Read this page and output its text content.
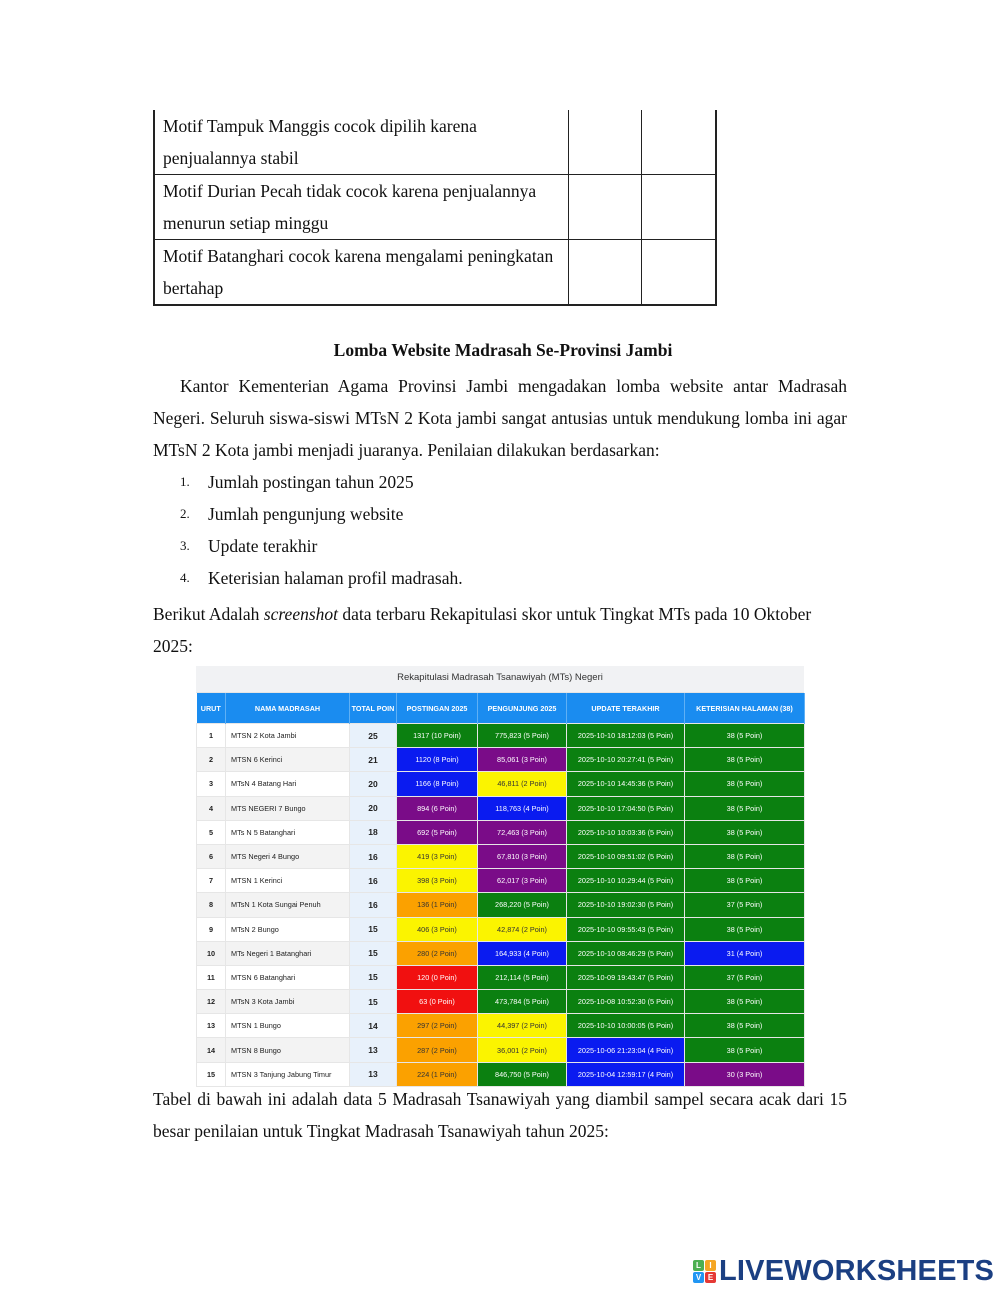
Motif Tampuk Manggis cocok dipilih karena penjualannya stabil		
Motif Durian Pecah tidak cocok karena penjualannya menurun setiap minggu		
Motif Batanghari cocok karena mengalami peningkatan bertahap		
Lomba Website Madrasah Se-Provinsi Jambi
Kantor Kementerian Agama Provinsi Jambi mengadakan lomba website antar Madrasah Negeri. Seluruh siswa-siswi MTsN 2 Kota jambi sangat antusias untuk mendukung lomba ini agar MTsN 2 Kota jambi menjadi juaranya. Penilaian dilakukan berdasarkan:
1.	Jumlah postingan tahun 2025
2.	Jumlah pengunjung website
3.	Update terakhir
4.	Keterisian halaman profil madrasah.
Berikut Adalah screenshot data terbaru Rekapitulasi skor untuk Tingkat MTs pada 10 Oktober 2025:
Rekapitulasi Madrasah Tsanawiyah (MTs) Negeri
URUT	NAMA MADRASAH	TOTAL POIN	POSTINGAN 2025	PENGUNJUNG 2025	UPDATE TERAKHIR	KETERISIAN HALAMAN (38)
1	MTSN 2 Kota Jambi	25	1317 (10 Poin)	775,823 (5 Poin)	2025-10-10 18:12:03 (5 Poin)	38 (5 Poin)
2	MTSN 6 Kerinci	21	1120 (8 Poin)	85,061 (3 Poin)	2025-10-10 20:27:41 (5 Poin)	38 (5 Poin)
3	MTsN 4 Batang Hari	20	1166 (8 Poin)	46,811 (2 Poin)	2025-10-10 14:45:36 (5 Poin)	38 (5 Poin)
4	MTS NEGERI 7 Bungo	20	894 (6 Poin)	118,763 (4 Poin)	2025-10-10 17:04:50 (5 Poin)	38 (5 Poin)
5	MTs N 5 Batanghari	18	692 (5 Poin)	72,463 (3 Poin)	2025-10-10 10:03:36 (5 Poin)	38 (5 Poin)
6	MTS Negeri 4 Bungo	16	419 (3 Poin)	67,810 (3 Poin)	2025-10-10 09:51:02 (5 Poin)	38 (5 Poin)
7	MTSN 1 Kerinci	16	398 (3 Poin)	62,017 (3 Poin)	2025-10-10 10:29:44 (5 Poin)	38 (5 Poin)
8	MTsN 1 Kota Sungai Penuh	16	136 (1 Poin)	268,220 (5 Poin)	2025-10-10 19:02:30 (5 Poin)	37 (5 Poin)
9	MTsN 2 Bungo	15	406 (3 Poin)	42,874 (2 Poin)	2025-10-10 09:55:43 (5 Poin)	38 (5 Poin)
10	MTs Negeri 1 Batanghari	15	280 (2 Poin)	164,933 (4 Poin)	2025-10-10 08:46:29 (5 Poin)	31 (4 Poin)
11	MTSN 6 Batanghari	15	120 (0 Poin)	212,114 (5 Poin)	2025-10-09 19:43:47 (5 Poin)	37 (5 Poin)
12	MTsN 3 Kota Jambi	15	63 (0 Poin)	473,784 (5 Poin)	2025-10-08 10:52:30 (5 Poin)	38 (5 Poin)
13	MTSN 1 Bungo	14	297 (2 Poin)	44,397 (2 Poin)	2025-10-10 10:00:05 (5 Poin)	38 (5 Poin)
14	MTSN 8 Bungo	13	287 (2 Poin)	36,001 (2 Poin)	2025-10-06 21:23:04 (4 Poin)	38 (5 Poin)
15	MTSN 3 Tanjung Jabung Timur	13	224 (1 Poin)	846,750 (5 Poin)	2025-10-04 12:59:17 (4 Poin)	30 (3 Poin)
Tabel di bawah ini adalah data 5 Madrasah Tsanawiyah yang diambil sampel secara acak dari 15 besar penilaian untuk Tingkat Madrasah Tsanawiyah tahun 2025:
L	I
V E LIVEWORKSHEETS
